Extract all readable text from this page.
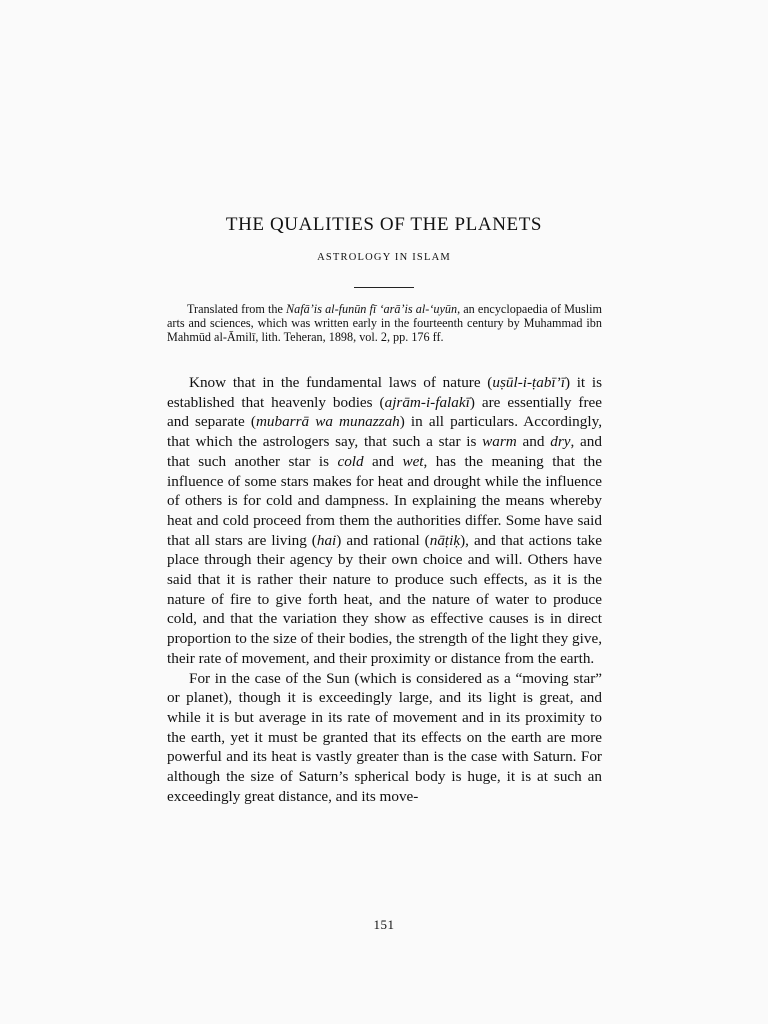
THE QUALITIES OF THE PLANETS
ASTROLOGY IN ISLAM

Translated from the Nafā’is al-funūn fī ‘arā’is al-‘uyūn, an encyclopaedia of Muslim arts and sciences, which was written early in the fourteenth century by Muhammad ibn Mahmūd al-Āmilī, lith. Teheran, 1898, vol. 2, pp. 176 ff.

Know that in the fundamental laws of nature (uṣūl-i-ṭabī’ī) it is established that heavenly bodies (ajrām-i-falakī) are essentially free and separate (mubarrā wa munazzah) in all particulars. Accordingly, that which the astrologers say, that such a star is warm and dry, and that such another star is cold and wet, has the meaning that the influence of some stars makes for heat and drought while the influence of others is for cold and dampness. In explaining the means whereby heat and cold proceed from them the authorities differ. Some have said that all stars are living (hai) and rational (nāṭiḳ), and that actions take place through their agency by their own choice and will. Others have said that it is rather their nature to produce such effects, as it is the nature of fire to give forth heat, and the nature of water to produce cold, and that the variation they show as effective causes is in direct proportion to the size of their bodies, the strength of the light they give, their rate of movement, and their proximity or distance from the earth.

For in the case of the Sun (which is considered as a “moving star” or planet), though it is exceedingly large, and its light is great, and while it is but average in its rate of movement and in its proximity to the earth, yet it must be granted that its effects on the earth are more powerful and its heat is vastly greater than is the case with Saturn. For although the size of Saturn’s spherical body is huge, it is at such an exceedingly great distance, and its move-

151
